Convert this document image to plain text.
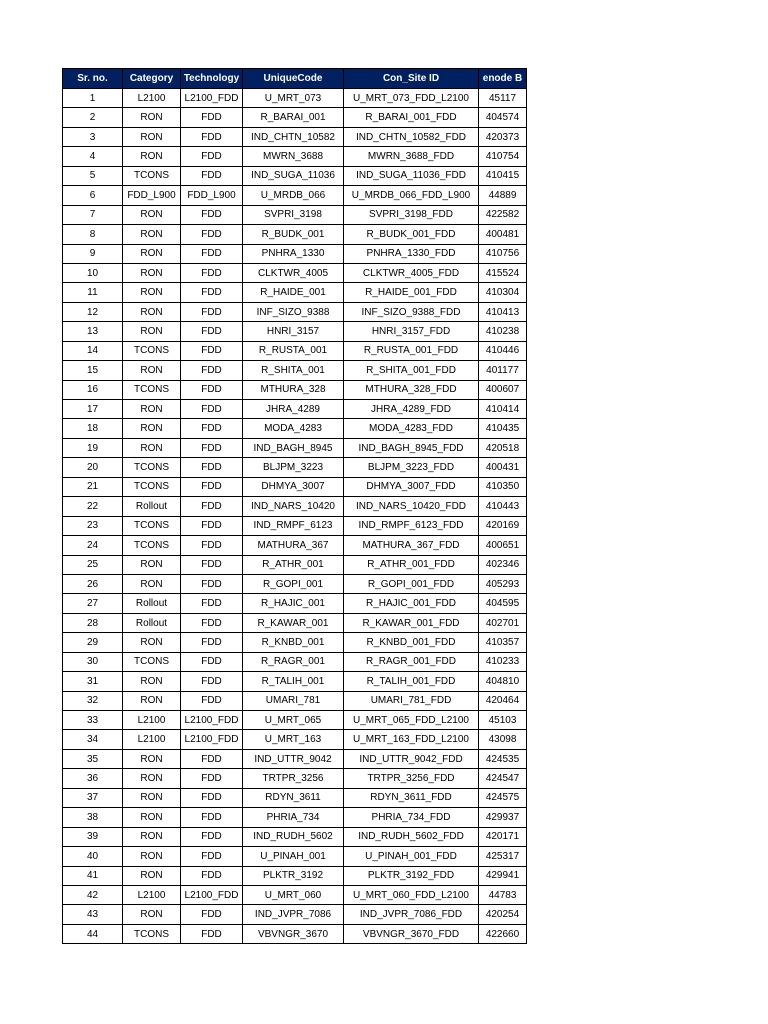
Sr. no.	Category	Technology	UniqueCode	Con_Site ID	enode B
1	L2100	L2100_FDD	U_MRT_073	U_MRT_073_FDD_L2100	45117
2	RON	FDD	R_BARAI_001	R_BARAI_001_FDD	404574
3	RON	FDD	IND_CHTN_10582	IND_CHTN_10582_FDD	420373
4	RON	FDD	MWRN_3688	MWRN_3688_FDD	410754
5	TCONS	FDD	IND_SUGA_11036	IND_SUGA_11036_FDD	410415
6	FDD_L900	FDD_L900	U_MRDB_066	U_MRDB_066_FDD_L900	44889
7	RON	FDD	SVPRI_3198	SVPRI_3198_FDD	422582
8	RON	FDD	R_BUDK_001	R_BUDK_001_FDD	400481
9	RON	FDD	PNHRA_1330	PNHRA_1330_FDD	410756
10	RON	FDD	CLKTWR_4005	CLKTWR_4005_FDD	415524
11	RON	FDD	R_HAIDE_001	R_HAIDE_001_FDD	410304
12	RON	FDD	INF_SIZO_9388	INF_SIZO_9388_FDD	410413
13	RON	FDD	HNRI_3157	HNRI_3157_FDD	410238
14	TCONS	FDD	R_RUSTA_001	R_RUSTA_001_FDD	410446
15	RON	FDD	R_SHITA_001	R_SHITA_001_FDD	401177
16	TCONS	FDD	MTHURA_328	MTHURA_328_FDD	400607
17	RON	FDD	JHRA_4289	JHRA_4289_FDD	410414
18	RON	FDD	MODA_4283	MODA_4283_FDD	410435
19	RON	FDD	IND_BAGH_8945	IND_BAGH_8945_FDD	420518
20	TCONS	FDD	BLJPM_3223	BLJPM_3223_FDD	400431
21	TCONS	FDD	DHMYA_3007	DHMYA_3007_FDD	410350
22	Rollout	FDD	IND_NARS_10420	IND_NARS_10420_FDD	410443
23	TCONS	FDD	IND_RMPF_6123	IND_RMPF_6123_FDD	420169
24	TCONS	FDD	MATHURA_367	MATHURA_367_FDD	400651
25	RON	FDD	R_ATHR_001	R_ATHR_001_FDD	402346
26	RON	FDD	R_GOPI_001	R_GOPI_001_FDD	405293
27	Rollout	FDD	R_HAJIC_001	R_HAJIC_001_FDD	404595
28	Rollout	FDD	R_KAWAR_001	R_KAWAR_001_FDD	402701
29	RON	FDD	R_KNBD_001	R_KNBD_001_FDD	410357
30	TCONS	FDD	R_RAGR_001	R_RAGR_001_FDD	410233
31	RON	FDD	R_TALIH_001	R_TALIH_001_FDD	404810
32	RON	FDD	UMARI_781	UMARI_781_FDD	420464
33	L2100	L2100_FDD	U_MRT_065	U_MRT_065_FDD_L2100	45103
34	L2100	L2100_FDD	U_MRT_163	U_MRT_163_FDD_L2100	43098
35	RON	FDD	IND_UTTR_9042	IND_UTTR_9042_FDD	424535
36	RON	FDD	TRTPR_3256	TRTPR_3256_FDD	424547
37	RON	FDD	RDYN_3611	RDYN_3611_FDD	424575
38	RON	FDD	PHRIA_734	PHRIA_734_FDD	429937
39	RON	FDD	IND_RUDH_5602	IND_RUDH_5602_FDD	420171
40	RON	FDD	U_PINAH_001	U_PINAH_001_FDD	425317
41	RON	FDD	PLKTR_3192	PLKTR_3192_FDD	429941
42	L2100	L2100_FDD	U_MRT_060	U_MRT_060_FDD_L2100	44783
43	RON	FDD	IND_JVPR_7086	IND_JVPR_7086_FDD	420254
44	TCONS	FDD	VBVNGR_3670	VBVNGR_3670_FDD	422660
